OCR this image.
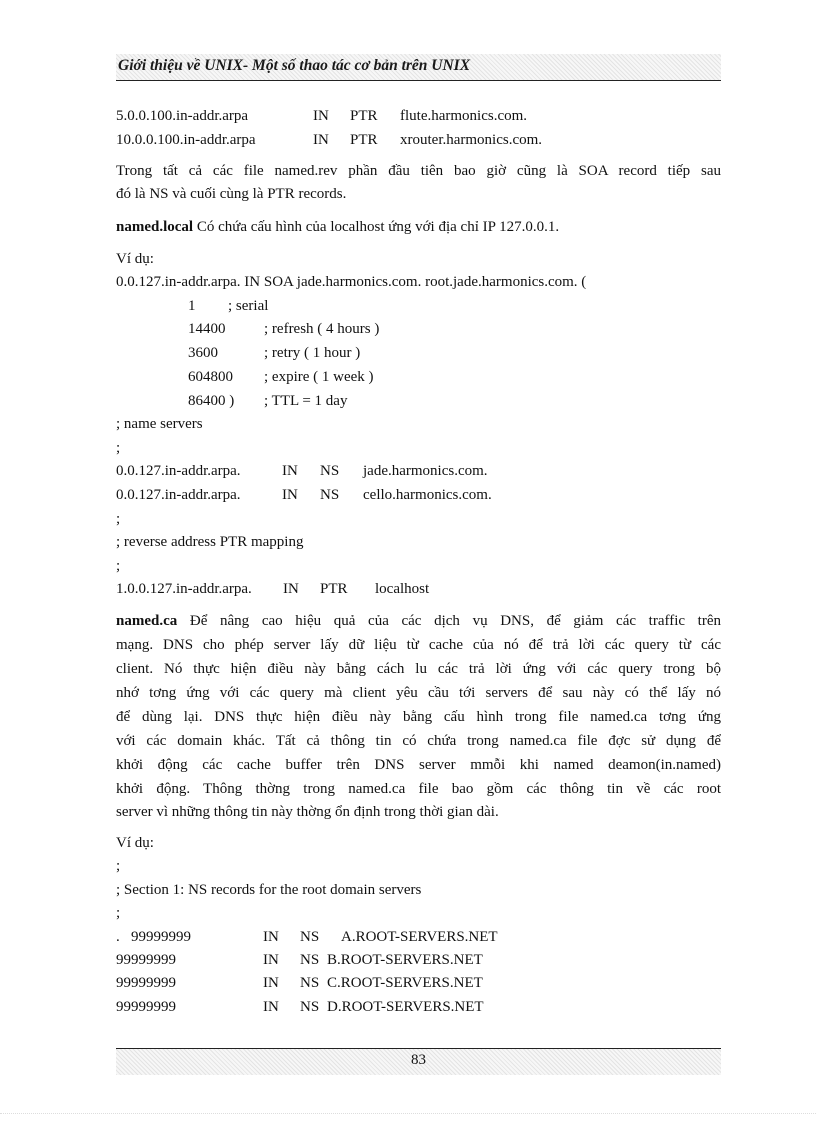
Giới thiệu về UNIX- Một số thao tác cơ bản trên UNIX
5.0.0.100.in-addr.arpa	IN PTR flute.harmonics.com.
10.0.0.100.in-addr.arpa	IN PTR xrouter.harmonics.com.
Trong tất cả các file named.rev phần đầu tiên bao giờ cũng là SOA record tiếp sau
đó là NS và cuối cùng là PTR records.
named.local Có chứa cấu hình của localhost ứng với địa chỉ IP 127.0.0.1.
Ví dụ:
0.0.127.in-addr.arpa. IN SOA jade.harmonics.com. root.jade.harmonics.com. (
1 ; serial
14400	; refresh ( 4 hours )
3600	; retry ( 1 hour )
604800 ; expire ( 1 week )
86400 ) ; TTL = 1 day
; name servers
;
0.0.127.in-addr.arpa.	IN NS jade.harmonics.com.
0.0.127.in-addr.arpa.	IN NS cello.harmonics.com.
;
; reverse address PTR mapping
;
1.0.0.127.in-addr.arpa. IN PTR localhost
named.ca Để nâng cao hiệu quả của các dịch vụ DNS, để giảm các traffic trên
mạng. DNS cho phép server lấy dữ liệu từ cache của nó để trả lời các query từ các
client. Nó thực hiện điều này bằng cách lu các trả lời ứng với các query trong bộ
nhớ tơng ứng với các query mà client yêu cầu tới servers để sau này có thể lấy nó
để dùng lại. DNS thực hiện điều này bằng cấu hình trong file named.ca tơng ứng
với các domain khác. Tất cả thông tin có chứa trong named.ca file đợc sử dụng để
khởi động các cache buffer trên DNS server mmỗi khi named deamon(in.named)
khởi động. Thông thờng trong named.ca file bao gồm các thông tin về các root
server vì những thông tin này thờng ổn định trong thời gian dài.
Ví dụ:
;
; Section 1: NS records for the root domain servers
;
.   99999999	IN NS A.ROOT-SERVERS.NET
99999999	IN NS B.ROOT-SERVERS.NET
99999999	IN NS C.ROOT-SERVERS.NET
99999999	IN NS D.ROOT-SERVERS.NET
83
